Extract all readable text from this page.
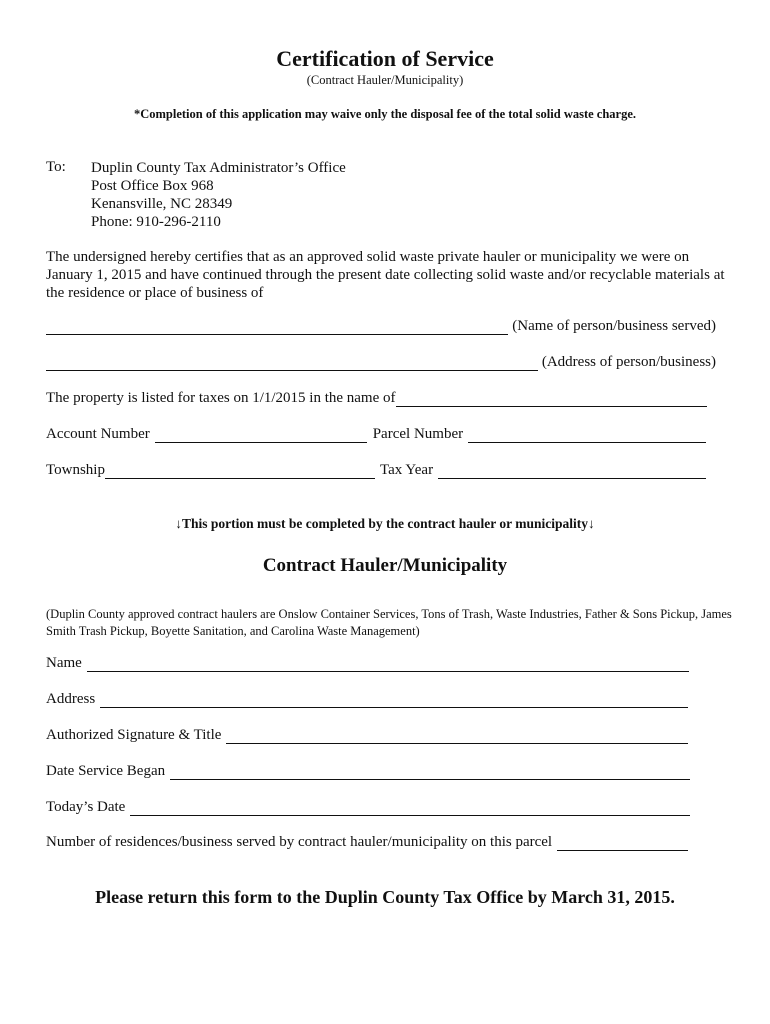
Certification of Service
(Contract Hauler/Municipality)
*Completion of this application may waive only the disposal fee of the total solid waste charge.
To: Duplin County Tax Administrator’s Office
Post Office Box 968
Kenansville, NC 28349
Phone: 910-296-2110
The undersigned hereby certifies that as an approved solid waste private hauler or municipality we were on January 1, 2015 and have continued through the present date collecting solid waste and/or recyclable materials at the residence or place of business of
(Name of person/business served)
(Address of person/business)
The property is listed for taxes on 1/1/2015 in the name of
Account Number	Parcel Number
Township	Tax Year
↓This portion must be completed by the contract hauler or municipality↓
Contract Hauler/Municipality
(Duplin County approved contract haulers are Onslow Container Services, Tons of Trash, Waste Industries, Father & Sons Pickup, James Smith Trash Pickup, Boyette Sanitation, and Carolina Waste Management)
Name
Address
Authorized Signature & Title
Date Service Began
Today’s Date
Number of residences/business served by contract hauler/municipality on this parcel
Please return this form to the Duplin County Tax Office by March 31, 2015.
